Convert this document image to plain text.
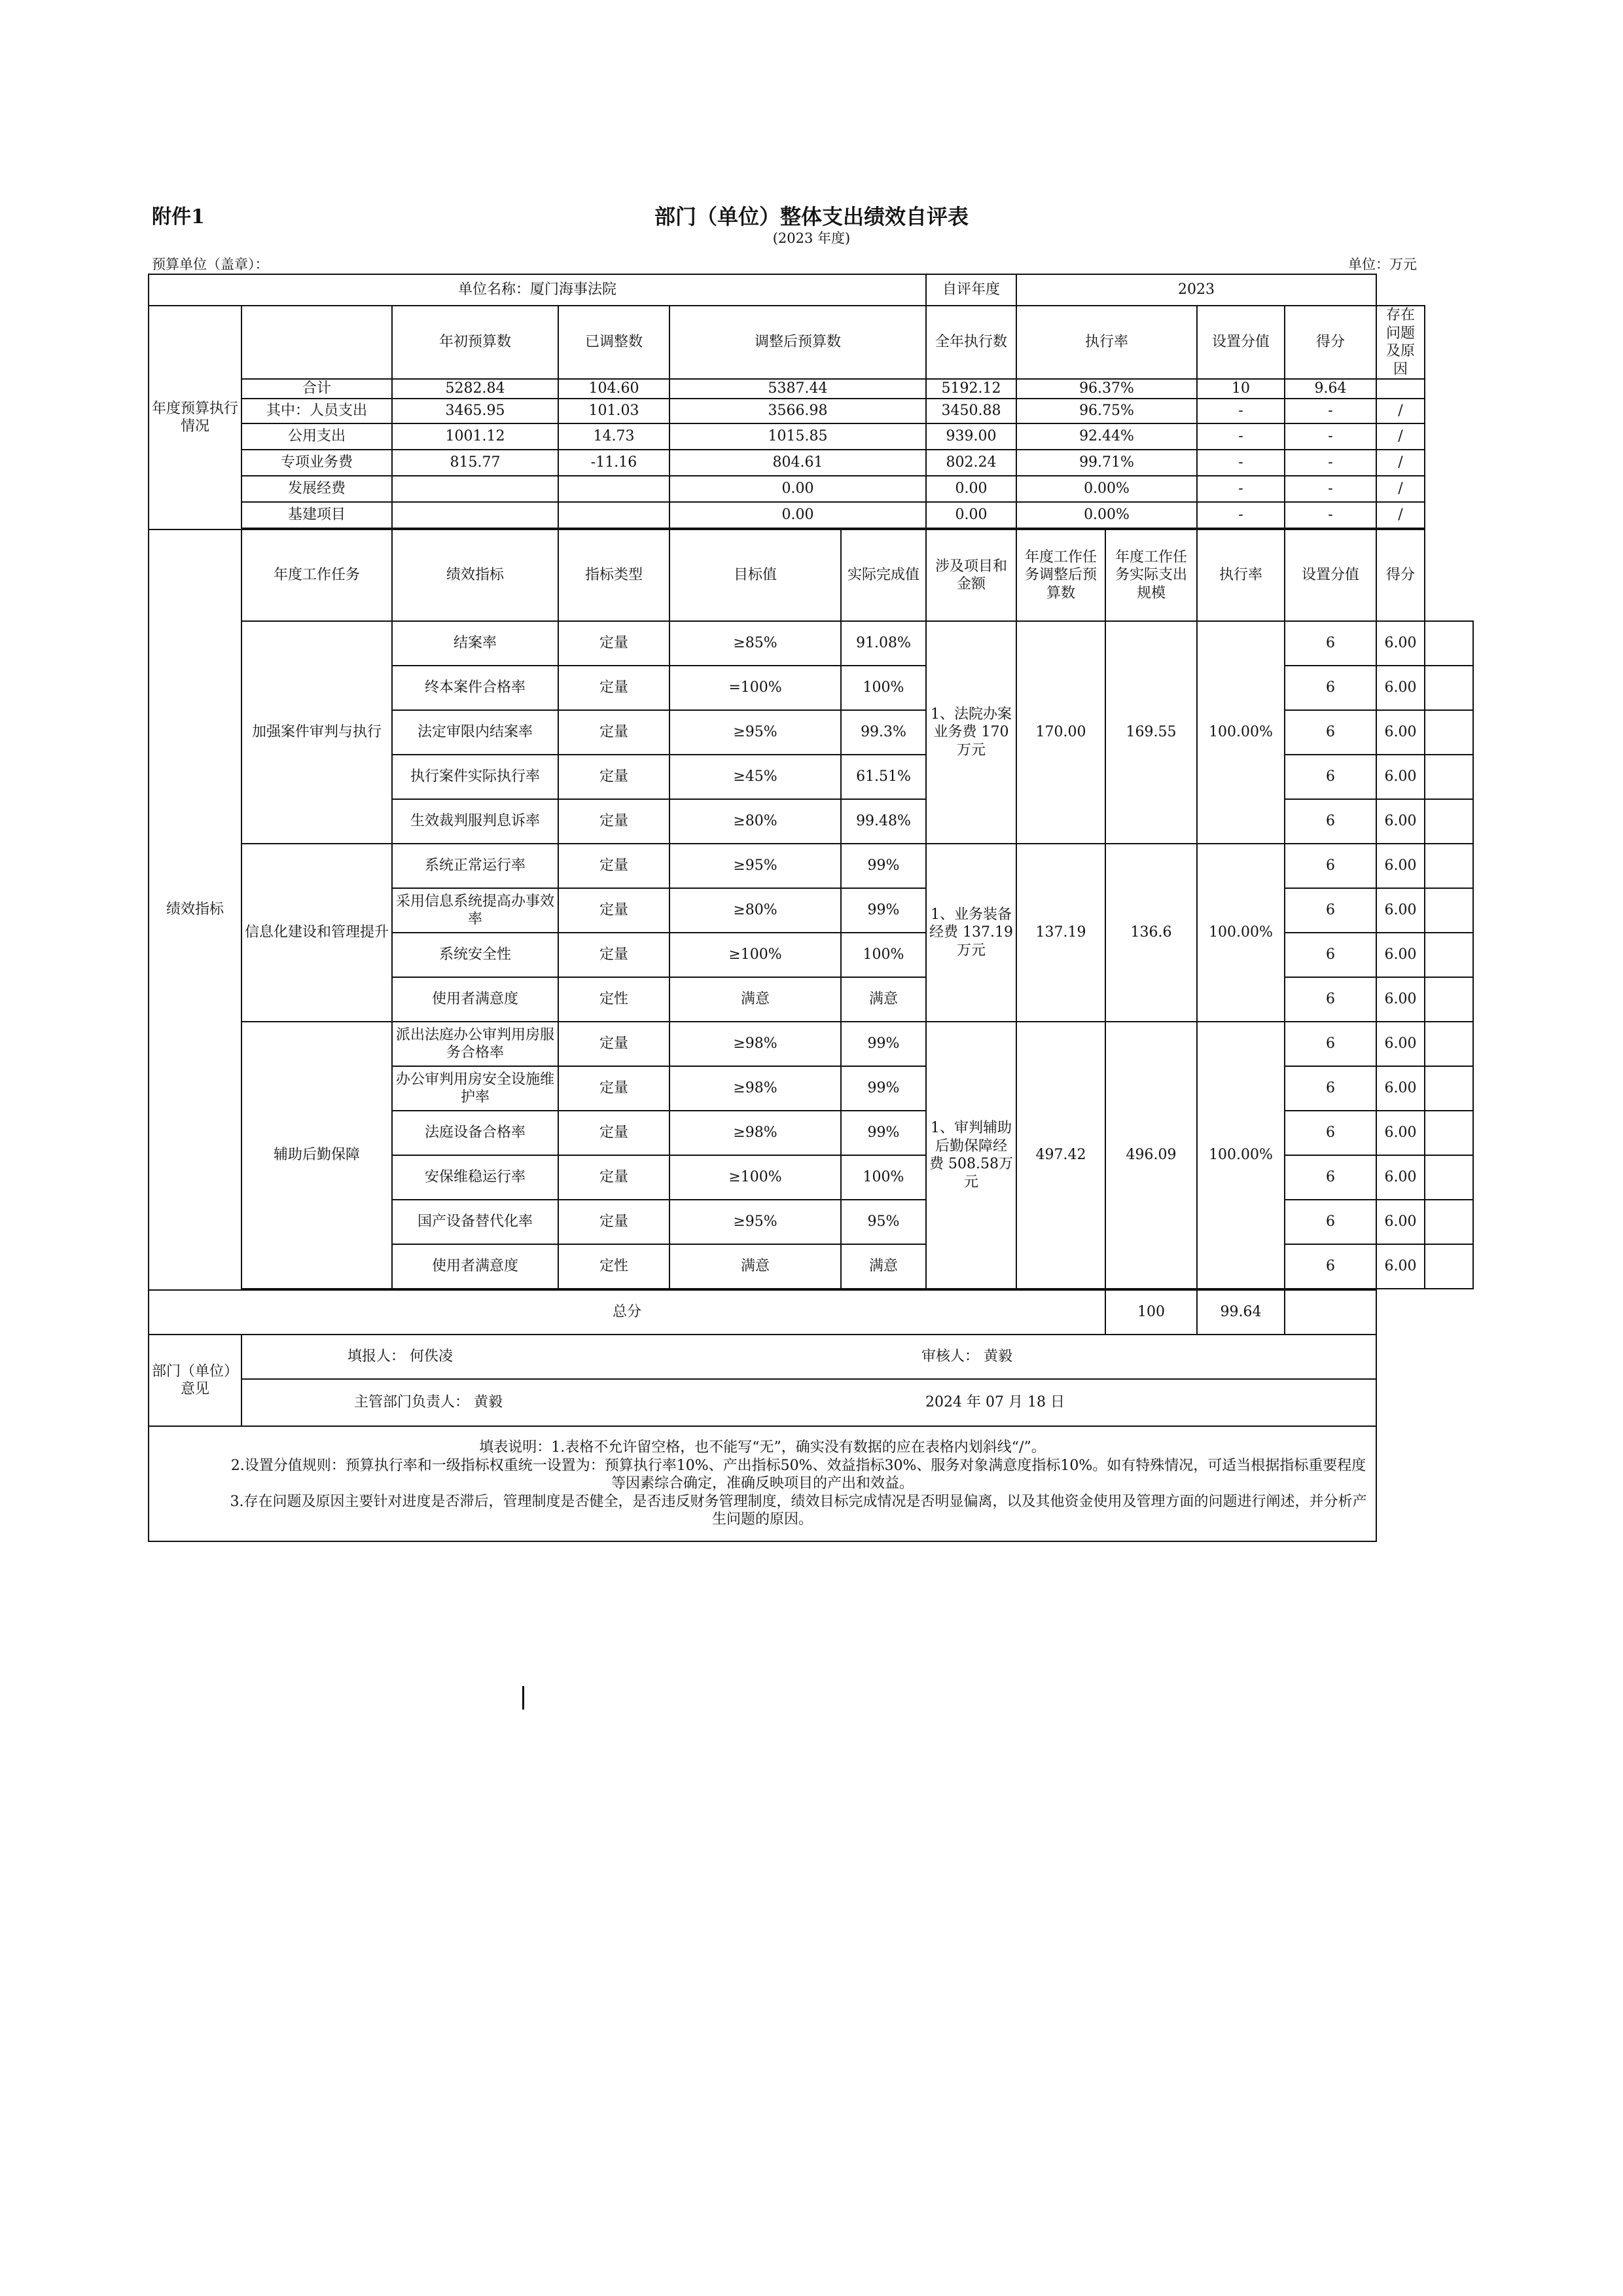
附件1	部门（单位）整体支出绩效自评表
(2023 年度)
预算单位（盖章）：	单位：万元
单位名称：厦门海事法院							自评年度	2023					
年度预算执行情况		年初预算数	已调整数		调整后预算数		全年执行数	执行率		设置分值	得分	存在问题及原因	
	合计	5282.84	104.60		5387.44		5192.12	96.37%		10	9.64		
	其中：人员支出	3465.95	101.03		3566.98		3450.88	96.75%		-	-	/	
	公用支出	1001.12	14.73		1015.85		939.00	92.44%		-	-	/	
	专项业务费	815.77	-11.16		804.61		802.24	99.71%		-	-	/	
	发展经费				0.00		0.00	0.00%		-	-	/	
	基建项目				0.00		0.00	0.00%		-	-	/	

绩效指标	年度工作任务	绩效指标	指标类型		目标值	实际完成值	涉及项目和金额	年度工作任务调整后预算数	年度工作任务实际支出规模	执行率	设置分值	得分	
	加强案件审判与执行	结案率	定量		≥85%	91.08%	1、法院办案业务费 170万元	170.00	169.55	100.00%	6	6.00	
		终本案件合格率	定量		=100%	100%					6	6.00	
		法定审限内结案率	定量		≥95%	99.3%					6	6.00	
		执行案件实际执行率	定量		≥45%	61.51%					6	6.00	
		生效裁判服判息诉率	定量		≥80%	99.48%					6	6.00	
	信息化建设和管理提升	系统正常运行率	定量		≥95%	99%	1、业务装备经费 137.19万元	137.19	136.6	100.00%	6	6.00	
		采用信息系统提高办事效率	定量		≥80%	99%					6	6.00	
		系统安全性	定量		≥100%	100%					6	6.00	
		使用者满意度	定性		满意	满意					6	6.00	
	辅助后勤保障	派出法庭办公审判用房服务合格率	定量		≥98%	99%	1、审判辅助后勤保障经费 508.58万元	497.42	496.09	100.00%	6	6.00	
		办公审判用房安全设施维护率	定量		≥98%	99%					6	6.00	
		法庭设备合格率	定量		≥98%	99%					6	6.00	
		安保维稳运行率	定量		≥100%	100%					6	6.00	
		国产设备替代化率	定量		≥95%	95%					6	6.00	
		使用者满意度	定性		满意	满意					6	6.00	

总分									100	99.64			
部门（单位）意见	填报人： 何佚凌		审核人： 黄毅										
	主管部门负责人： 黄毅			2024 年 07 月 18 日									

填表说明：1.表格不允许留空格，也不能写“无”，确实没有数据的应在表格内划斜线“/”。
2.设置分值规则：预算执行率和一级指标权重统一设置为：预算执行率10%、产出指标50%、效益指标30%、服务对象满意度指标10%。如有特殊情况，可适当根据指标重要程度等因素综合确定，准确反映项目的产出和效益。
3.存在问题及原因主要针对进度是否滞后，管理制度是否健全，是否违反财务管理制度，绩效目标完成情况是否明显偏离，以及其他资金使用及管理方面的问题进行阐述，并分析产生问题的原因。													
